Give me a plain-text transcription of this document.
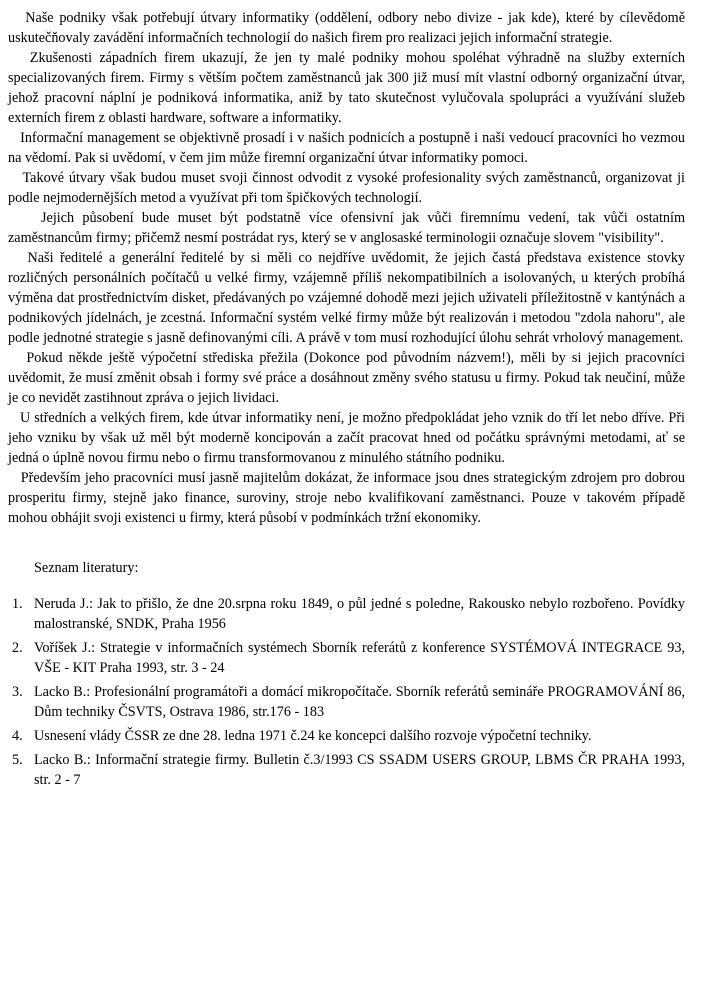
Naše podniky však potřebují útvary informatiky (oddělení, odbory nebo divize - jak kde), které by cílevědomě uskutečňovaly zavádění informačních technologií do našich firem pro realizaci jejich informační strategie.

Zkušenosti západních firem ukazují, že jen ty malé podniky mohou spoléhat výhradně na služby externích specializovaných firem. Firmy s větším počtem zaměstnanců jak 300 již musí mít vlastní odborný organizační útvar, jehož pracovní náplní je podniková informatika, aniž by tato skutečnost vylučovala spolupráci a využívání služeb externích firem z oblasti hardware, software a informatiky.

Informační management se objektivně prosadí i v našich podnicích a postupně i naši vedoucí pracovníci ho vezmou na vědomí. Pak si uvědomí, v čem jim může firemní organizační útvar informatiky pomoci.

Takové útvary však budou muset svoji činnost odvodit z vysoké profesionality svých zaměstnanců, organizovat ji podle nejmodernějších metod a využívat při tom špičkových technologií.

Jejich působení bude muset být podstatně více ofensivní jak vůči firemnímu vedení, tak vůči ostatním zaměstnancům firmy; přičemž nesmí postrádat rys, který se v anglosaské terminologii označuje slovem "visibility".

Naši ředitelé a generální ředitelé by si měli co nejdříve uvědomit, že jejich častá představa existence stovky rozličných personálních počítačů u velké firmy, vzájemně příliš nekompatibilních a isolovaných, u kterých probíhá výměna dat prostřednictvím disket, předávaných po vzájemné dohodě mezi jejich uživateli příležitostně v kantýnách a podnikových jídelnách, je zcestná. Informační systém velké firmy může být realizován i metodou "zdola nahoru", ale podle jednotné strategie s jasně definovanými cíli. A právě v tom musí rozhodující úlohu sehrát vrholový management.

Pokud někde ještě výpočetní střediska přežila (Dokonce pod původním názvem!), měli by si jejich pracovníci uvědomit, že musí změnit obsah i formy své práce a dosáhnout změny svého statusu u firmy. Pokud tak neučiní, může je co nevidět zastihnout zpráva o jejich lividaci.

U středních a velkých firem, kde útvar informatiky není, je možno předpokládat jeho vznik do tří let nebo dříve. Při jeho vzniku by však už měl být moderně koncipován a začít pracovat hned od počátku správnými metodami, ať se jedná o úplně novou firmu nebo o firmu transformovanou z minulého státního podniku.

Především jeho pracovníci musí jasně majitelům dokázat, že informace jsou dnes strategickým zdrojem pro dobrou prosperitu firmy, stejně jako finance, suroviny, stroje nebo kvalifikovaní zaměstnanci. Pouze v takovém případě mohou obhájit svoji existenci u firmy, která působí v podmínkách tržní ekonomiky.

Seznam literatury:
1. Neruda J.: Jak to přišlo, že dne 20.srpna roku 1849, o půl jedné s poledne, Rakousko nebylo rozbořeno. Povídky malostranské, SNDK, Praha 1956
2. Voříšek J.: Strategie v informačních systémech Sborník referátů z konference SYSTÉMOVÁ INTEGRACE 93, VŠE - KIT Praha 1993, str. 3 - 24
3. Lacko B.: Profesionální programátoři a domácí mikropočítače. Sborník referátů semináře PROGRAMOVÁNÍ 86, Dům techniky ČSVTS, Ostrava 1986, str.176 - 183
4. Usnesení vlády ČSSR ze dne 28. ledna 1971 č.24 ke koncepci dalšího rozvoje výpočetní techniky.
5. Lacko B.: Informační strategie firmy. Bulletin č.3/1993 CS SSADM USERS GROUP, LBMS ČR PRAHA 1993, str. 2 - 7
